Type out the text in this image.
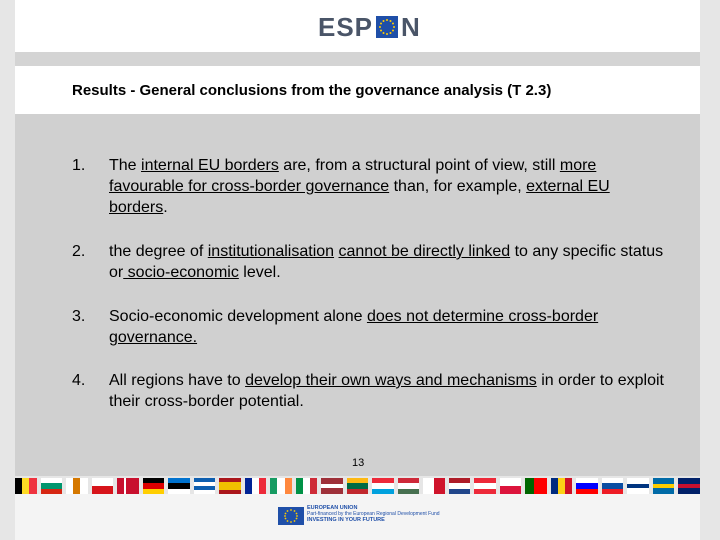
ESP N
Results - General conclusions from the governance analysis (T 2.3)
1.	The internal EU borders are, from a structural point of view, still more favourable for cross-border governance than, for example, external EU borders.
2.	the degree of institutionalisation cannot be directly linked to any specific status or socio-economic level.
3.	Socio-economic development alone does not determine cross-border governance.
4.	All regions have to develop their own ways and mechanisms in order to exploit their cross-border potential.
13
EUROPEAN UNION
Part-financed by the European Regional Development Fund
INVESTING IN YOUR FUTURE
